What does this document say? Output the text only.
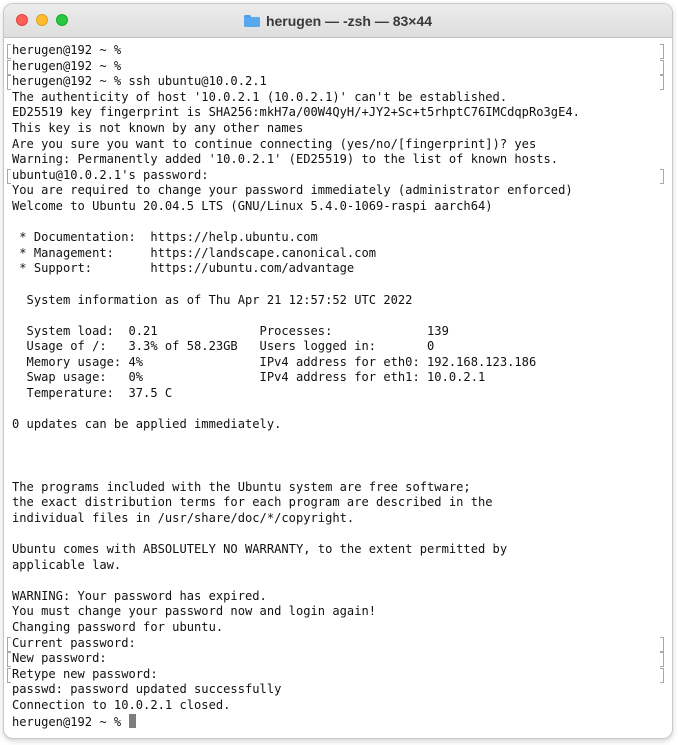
herugen — -zsh — 83×44
herugen@192 ~ %
herugen@192 ~ %
herugen@192 ~ % ssh ubuntu@10.0.2.1
The authenticity of host '10.0.2.1 (10.0.2.1)' can't be established.
ED25519 key fingerprint is SHA256:mkH7a/00W4QyH/+JY2+Sc+t5rhptC76IMCdqpRo3gE4.
This key is not known by any other names
Are you sure you want to continue connecting (yes/no/[fingerprint])? yes
Warning: Permanently added '10.0.2.1' (ED25519) to the list of known hosts.
ubuntu@10.0.2.1's password:
You are required to change your password immediately (administrator enforced)
Welcome to Ubuntu 20.04.5 LTS (GNU/Linux 5.4.0-1069-raspi aarch64)
* Documentation:  https://help.ubuntu.com
* Management:     https://landscape.canonical.com
* Support:        https://ubuntu.com/advantage
System information as of Thu Apr 21 12:57:52 UTC 2022
System load:  0.21              Processes:             139
Usage of /:   3.3% of 58.23GB   Users logged in:       0
Memory usage: 4%                IPv4 address for eth0: 192.168.123.186
Swap usage:   0%                IPv4 address for eth1: 10.0.2.1
Temperature:  37.5 C
0 updates can be applied immediately.
The programs included with the Ubuntu system are free software;
the exact distribution terms for each program are described in the
individual files in /usr/share/doc/*/copyright.
Ubuntu comes with ABSOLUTELY NO WARRANTY, to the extent permitted by
applicable law.
WARNING: Your password has expired.
You must change your password now and login again!
Changing password for ubuntu.
Current password:
New password:
Retype new password:
passwd: password updated successfully
Connection to 10.0.2.1 closed.
herugen@192 ~ %
